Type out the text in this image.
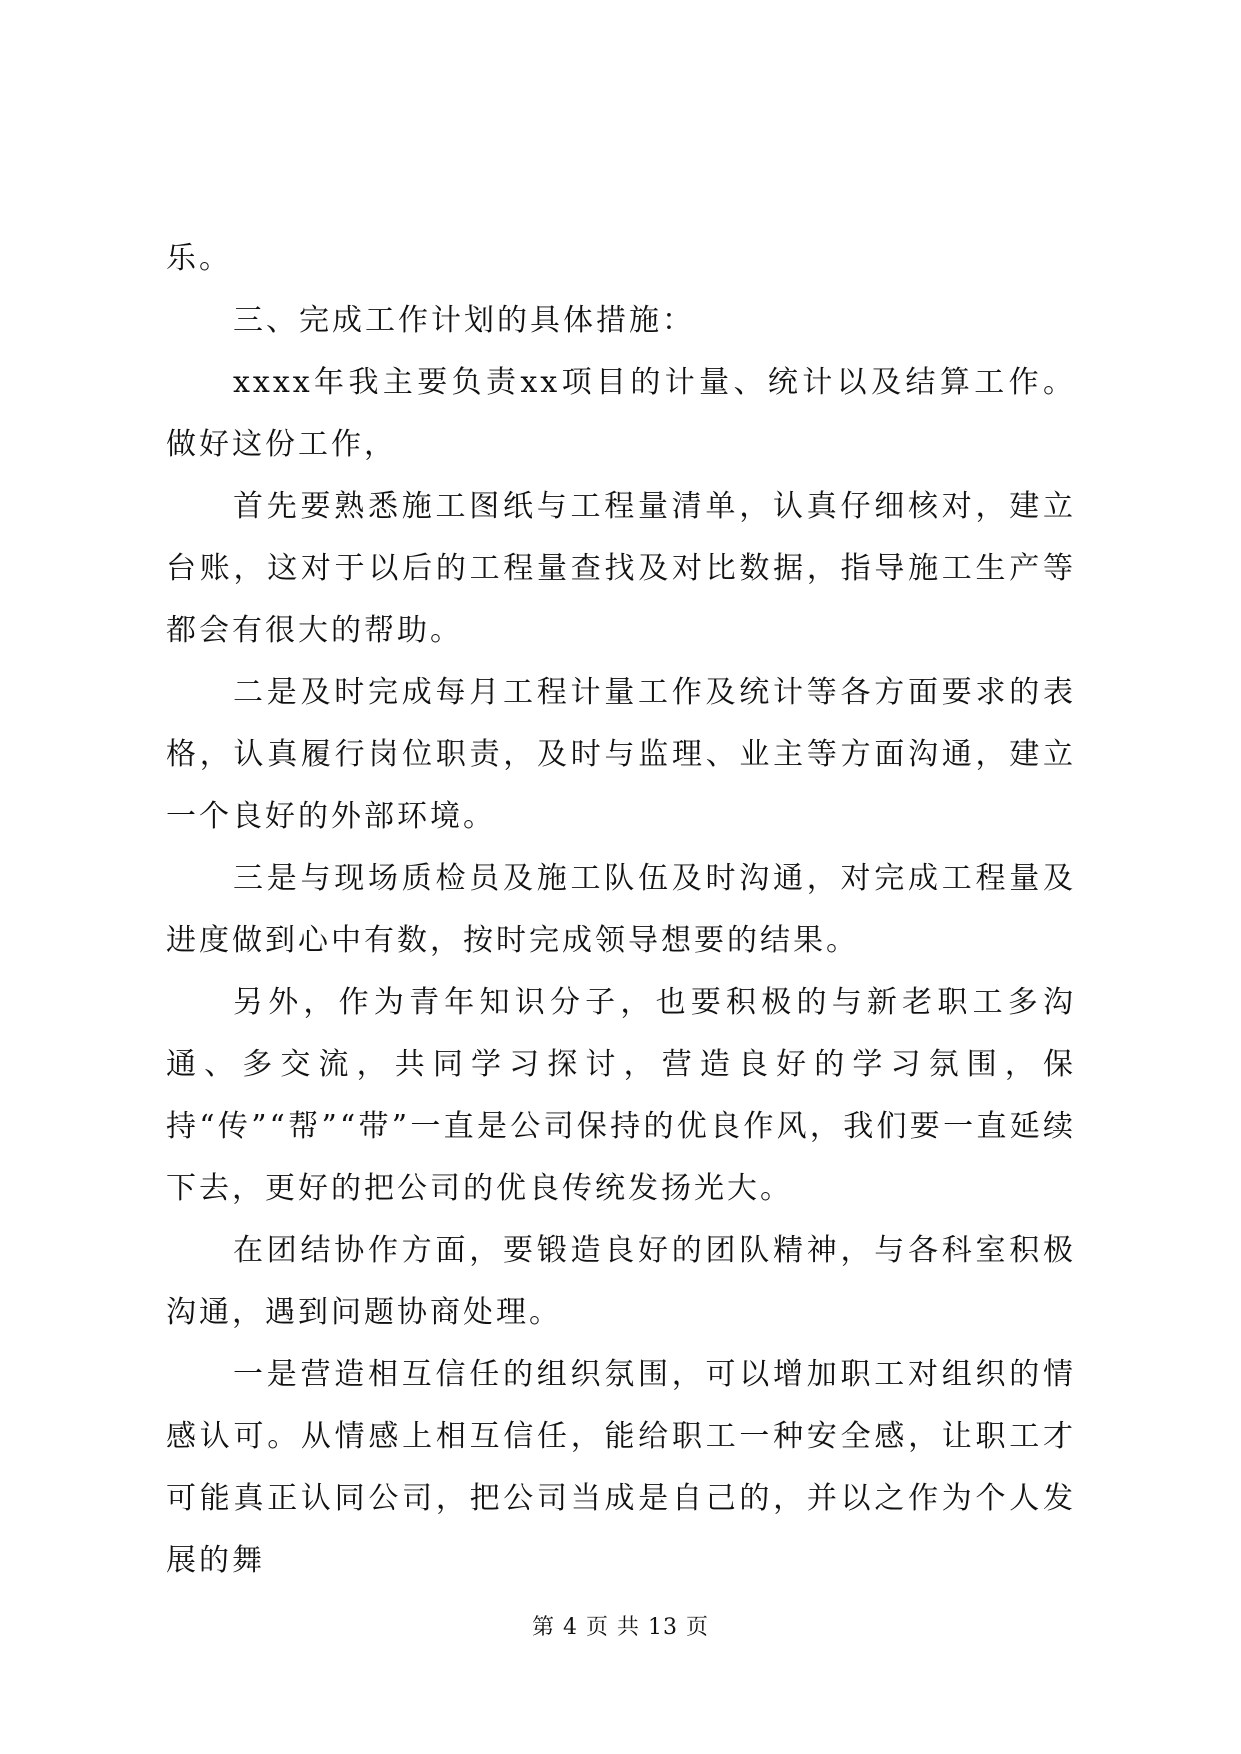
乐。

三、完成工作计划的具体措施：

xxxx年我主要负责xx项目的计量、统计以及结算工作。做好这份工作，

首先要熟悉施工图纸与工程量清单，认真仔细核对，建立台账，这对于以后的工程量查找及对比数据，指导施工生产等都会有很大的帮助。

二是及时完成每月工程计量工作及统计等各方面要求的表格，认真履行岗位职责，及时与监理、业主等方面沟通，建立一个良好的外部环境。

三是与现场质检员及施工队伍及时沟通，对完成工程量及进度做到心中有数，按时完成领导想要的结果。

另外，作为青年知识分子，也要积极的与新老职工多沟通、多交流，共同学习探讨，营造良好的学习氛围，保持“传”“帮”“带”一直是公司保持的优良作风，我们要一直延续下去，更好的把公司的优良传统发扬光大。

在团结协作方面，要锻造良好的团队精神，与各科室积极沟通，遇到问题协商处理。

一是营造相互信任的组织氛围，可以增加职工对组织的情感认可。从情感上相互信任，能给职工一种安全感，让职工才可能真正认同公司，把公司当成是自己的，并以之作为个人发展的舞

第 4 页 共 13 页
